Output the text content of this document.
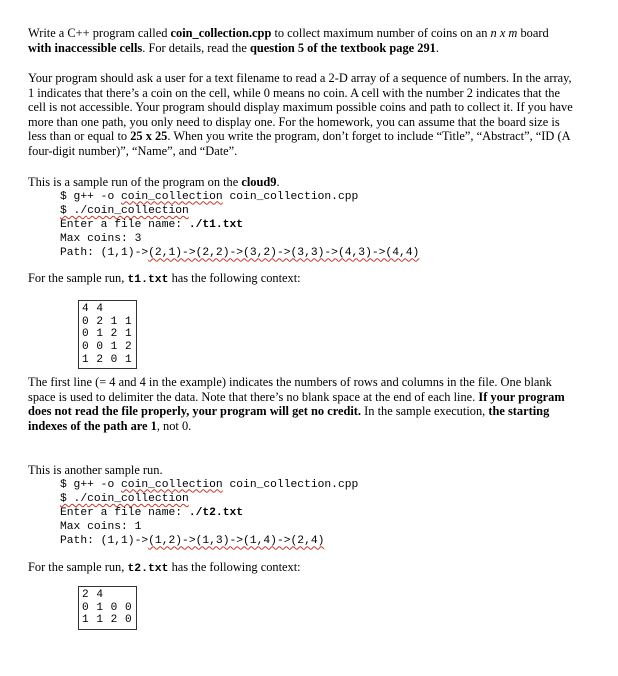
Write a C++ program called coin_collection.cpp to collect maximum number of coins on an n x m board
with inaccessible cells. For details, read the question 5 of the textbook page 291.

Your program should ask a user for a text filename to read a 2-D array of a sequence of numbers. In the array, 1 indicates that there’s a coin on the cell, while 0 means no coin. A cell with the number 2 indicates that the cell is not accessible. Your program should display maximum possible coins and path to collect it. If you have more than one path, you only need to display one. For the homework, you can assume that the board size is less than or equal to 25 x 25. When you write the program, don’t forget to include “Title”, “Abstract”, “ID (A four-digit number)”, “Name”, and “Date”.

This is a sample run of the program on the cloud9.

$ g++ -o coin_collection coin_collection.cpp
$ ./coin_collection
Enter a file name: ./t1.txt
Max coins: 3
Path: (1,1)->(2,1)->(2,2)->(3,2)->(3,3)->(4,3)->(4,4)

For the sample run, t1.txt has the following context:

4 4
0 2 1 1
0 1 2 1
0 0 1 2
1 2 0 1

The first line (= 4 and 4 in the example) indicates the numbers of rows and columns in the file. One blank space is used to delimiter the data. Note that there’s no blank space at the end of each line. If your program does not read the file properly, your program will get no credit. In the sample execution, the starting indexes of the path are 1, not 0.

This is another sample run.

$ g++ -o coin_collection coin_collection.cpp
$ ./coin_collection
Enter a file name: ./t2.txt
Max coins: 1
Path: (1,1)->(1,2)->(1,3)->(1,4)->(2,4)

For the sample run, t2.txt has the following context:

2 4
0 1 0 0
1 1 2 0
